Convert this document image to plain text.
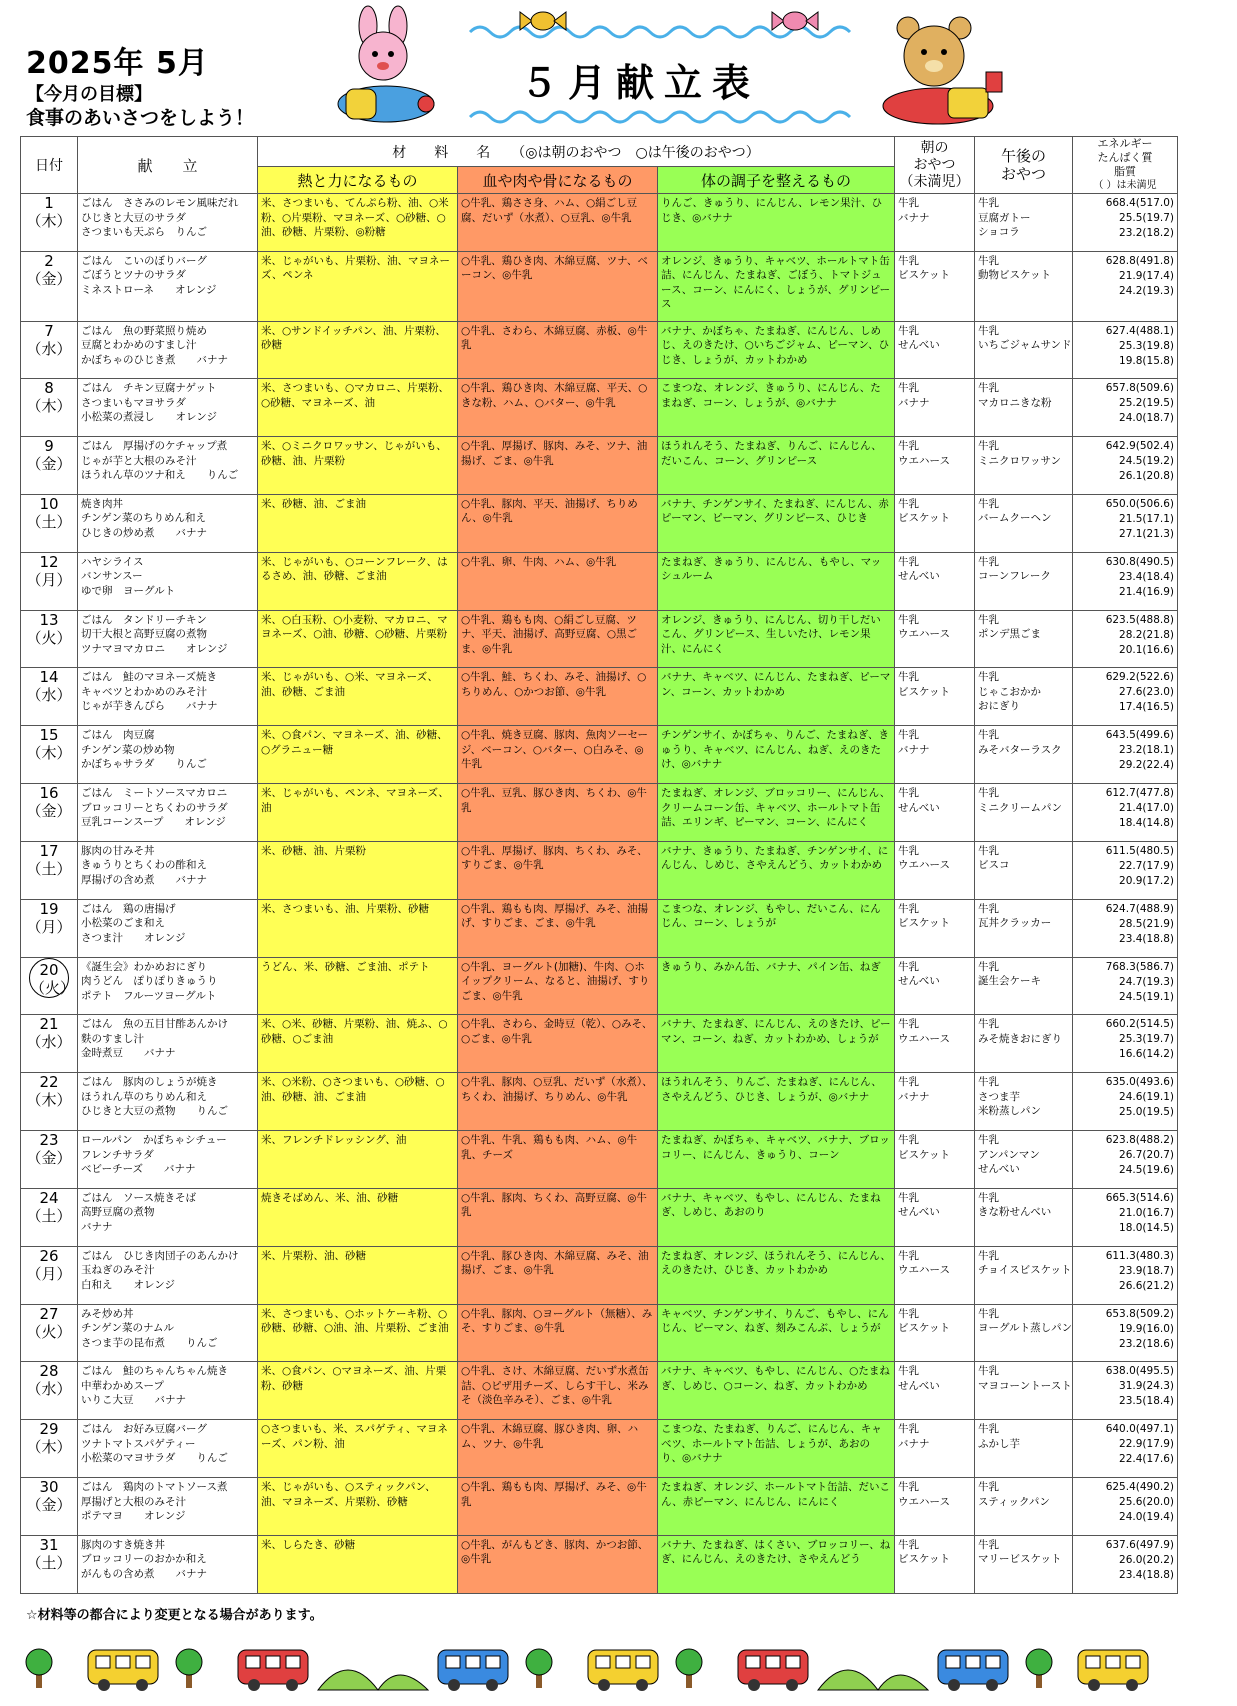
2025年 5月
【今月の目標】
食事のあいさつをしよう！
５月献立表
日付	献　　立	材　　料　　名　　（◎は朝のおやつ　○は午後のおやつ）			朝の
おやつ
（未満児）	午後の
おやつ	エネルギー
たんぱく質
脂質
（ ）は未満児

		熱と力になるもの	血や肉や骨になるもの	体の調子を整えるもの			

1
（木）	ごはん　ささみのレモン風味だれ
ひじきと大豆のサラダ
さつまいも天ぷら　りんご	米、さつまいも、てんぷら粉、油、○米粉、○片栗粉、マヨネーズ、○砂糖、○油、砂糖、片栗粉、◎粉糖	○牛乳、鶏ささ身、ハム、○絹ごし豆腐、だいず（水煮）、○豆乳、◎牛乳	りんご、きゅうり、にんじん、レモン果汁、ひじき、◎バナナ	牛乳
バナナ	牛乳
豆腐ガトー
ショコラ	668.4(517.0)
25.5(19.7)
23.2(18.2)

2
（金）	ごはん　こいのぼりバーグ
ごぼうとツナのサラダ
ミネストローネ　　オレンジ	米、じゃがいも、片栗粉、油、マヨネーズ、ペンネ	○牛乳、鶏ひき肉、木綿豆腐、ツナ、ベーコン、◎牛乳	オレンジ、きゅうり、キャベツ、ホールトマト缶詰、にんじん、たまねぎ、ごぼう、トマトジュース、コーン、にんにく、しょうが、グリンピース	牛乳
ビスケット	牛乳
動物ビスケット	628.8(491.8)
21.9(17.4)
24.2(19.3)

7
（水）	ごはん　魚の野菜照り焼め
豆腐とわかめのすまし汁
かぼちゃのひじき煮　　バナナ	米、○サンドイッチパン、油、片栗粉、砂糖	○牛乳、さわら、木綿豆腐、赤板、◎牛乳	バナナ、かぼちゃ、たまねぎ、にんじん、しめじ、えのきたけ、○いちごジャム、ピーマン、ひじき、しょうが、カットわかめ	牛乳
せんべい	牛乳
いちごジャムサンド	627.4(488.1)
25.3(19.8)
19.8(15.8)

8
（木）	ごはん　チキン豆腐ナゲット
さつまいもマヨサラダ
小松菜の煮浸し　　オレンジ	米、さつまいも、○マカロニ、片栗粉、○砂糖、マヨネーズ、油	○牛乳、鶏ひき肉、木綿豆腐、平天、○きな粉、ハム、○バター、◎牛乳	こまつな、オレンジ、きゅうり、にんじん、たまねぎ、コーン、しょうが、◎バナナ	牛乳
バナナ	牛乳
マカロニきな粉	657.8(509.6)
25.2(19.5)
24.0(18.7)

9
（金）	ごはん　厚揚げのケチャップ煮
じゃが芋と大根のみそ汁
ほうれん草のツナ和え　　りんご	米、○ミニクロワッサン、じゃがいも、砂糖、油、片栗粉	○牛乳、厚揚げ、豚肉、みそ、ツナ、油揚げ、ごま、◎牛乳	ほうれんそう、たまねぎ、りんご、にんじん、だいこん、コーン、グリンピース	牛乳
ウエハース	牛乳
ミニクロワッサン	642.9(502.4)
24.5(19.2)
26.1(20.8)

10
（土）	焼き肉丼
チンゲン菜のちりめん和え
ひじきの炒め煮　　バナナ	米、砂糖、油、ごま油	○牛乳、豚肉、平天、油揚げ、ちりめん、◎牛乳	バナナ、チンゲンサイ、たまねぎ、にんじん、赤ピーマン、ピーマン、グリンピース、ひじき	牛乳
ビスケット	牛乳
バームクーヘン	650.0(506.6)
21.5(17.1)
27.1(21.3)

12
（月）	ハヤシライス
バンサンスー
ゆで卵　ヨーグルト	米、じゃがいも、○コーンフレーク、はるさめ、油、砂糖、ごま油	○牛乳、卵、牛肉、ハム、◎牛乳	たまねぎ、きゅうり、にんじん、もやし、マッシュルーム	牛乳
せんべい	牛乳
コーンフレーク	630.8(490.5)
23.4(18.4)
21.4(16.9)

13
（火）	ごはん　タンドリーチキン
切干大根と高野豆腐の煮物
ツナマヨマカロニ　　オレンジ	米、○白玉粉、○小麦粉、マカロニ、マヨネーズ、○油、砂糖、○砂糖、片栗粉	○牛乳、鶏もも肉、○絹ごし豆腐、ツナ、平天、油揚げ、高野豆腐、○黒ごま、◎牛乳	オレンジ、きゅうり、にんじん、切り干しだいこん、グリンピース、生しいたけ、レモン果汁、にんにく	牛乳
ウエハース	牛乳
ポンデ黒ごま	623.5(488.8)
28.2(21.8)
20.1(16.6)

14
（水）	ごはん　鮭のマヨネーズ焼き
キャベツとわかめのみそ汁
じゃが芋きんぴら　　バナナ	米、じゃがいも、○米、マヨネーズ、油、砂糖、ごま油	○牛乳、鮭、ちくわ、みそ、油揚げ、○ちりめん、○かつお節、◎牛乳	バナナ、キャベツ、にんじん、たまねぎ、ピーマン、コーン、カットわかめ	牛乳
ビスケット	牛乳
じゃこおかか
おにぎり	629.2(522.6)
27.6(23.0)
17.4(16.5)

15
（木）	ごはん　肉豆腐
チンゲン菜の炒め物
かぼちゃサラダ　　りんご	米、○食パン、マヨネーズ、油、砂糖、○グラニュー糖	○牛乳、焼き豆腐、豚肉、魚肉ソーセージ、ベーコン、○バター、○白みそ、◎牛乳	チンゲンサイ、かぼちゃ、りんご、たまねぎ、きゅうり、キャベツ、にんじん、ねぎ、えのきたけ、◎バナナ	牛乳
バナナ	牛乳
みそバターラスク	643.5(499.6)
23.2(18.1)
29.2(22.4)

16
（金）	ごはん　ミートソースマカロニ
ブロッコリーとちくわのサラダ
豆乳コーンスープ　　オレンジ	米、じゃがいも、ペンネ、マヨネーズ、油	○牛乳、豆乳、豚ひき肉、ちくわ、◎牛乳	たまねぎ、オレンジ、ブロッコリー、にんじん、クリームコーン缶、キャベツ、ホールトマト缶詰、エリンギ、ピーマン、コーン、にんにく	牛乳
せんべい	牛乳
ミニクリームパン	612.7(477.8)
21.4(17.0)
18.4(14.8)

17
（土）	豚肉の甘みそ丼
きゅうりとちくわの酢和え
厚揚げの含め煮　　バナナ	米、砂糖、油、片栗粉	○牛乳、厚揚げ、豚肉、ちくわ、みそ、すりごま、◎牛乳	バナナ、きゅうり、たまねぎ、チンゲンサイ、にんじん、しめじ、さやえんどう、カットわかめ	牛乳
ウエハース	牛乳
ビスコ	611.5(480.5)
22.7(17.9)
20.9(17.2)

19
（月）	ごはん　鶏の唐揚げ
小松菜のごま和え
さつま汁　　オレンジ	米、さつまいも、油、片栗粉、砂糖	○牛乳、鶏もも肉、厚揚げ、みそ、油揚げ、すりごま、ごま、◎牛乳	こまつな、オレンジ、もやし、だいこん、にんじん、コーン、しょうが	牛乳
ビスケット	牛乳
瓦丼クラッカー	624.7(488.9)
28.5(21.9)
23.4(18.8)

20
（火）	《誕生会》わかめおにぎり
肉うどん　ぽりぽりきゅうり
ポテト　フルーツヨーグルト	うどん、米、砂糖、ごま油、ポテト	○牛乳、ヨーグルト(加糖)、牛肉、○ホイップクリーム、なると、油揚げ、すりごま、◎牛乳	きゅうり、みかん缶、バナナ、パイン缶、ねぎ	牛乳
せんべい	牛乳
誕生会ケーキ	768.3(586.7)
24.7(19.3)
24.5(19.1)

21
（水）	ごはん　魚の五目甘酢あんかけ
麩のすまし汁
金時煮豆　　バナナ	米、○米、砂糖、片栗粉、油、焼ふ、○砂糖、○ごま油	○牛乳、さわら、金時豆（乾）、○みそ、○ごま、◎牛乳	バナナ、たまねぎ、にんじん、えのきたけ、ピーマン、コーン、ねぎ、カットわかめ、しょうが	牛乳
ウエハース	牛乳
みそ焼きおにぎり	660.2(514.5)
25.3(19.7)
16.6(14.2)

22
（木）	ごはん　豚肉のしょうが焼き
ほうれん草のちりめん和え
ひじきと大豆の煮物　　りんご	米、○米粉、○さつまいも、○砂糖、○油、砂糖、油、ごま油	○牛乳、豚肉、○豆乳、だいず（水煮）、ちくわ、油揚げ、ちりめん、◎牛乳	ほうれんそう、りんご、たまねぎ、にんじん、さやえんどう、ひじき、しょうが、◎バナナ	牛乳
バナナ	牛乳
さつま芋
米粉蒸しパン	635.0(493.6)
24.6(19.1)
25.0(19.5)

23
（金）	ロールパン　かぼちゃシチュー
フレンチサラダ
ベビーチーズ　　バナナ	米、フレンチドレッシング、油	○牛乳、牛乳、鶏もも肉、ハム、◎牛乳、チーズ	たまねぎ、かぼちゃ、キャベツ、バナナ、ブロッコリー、にんじん、きゅうり、コーン	牛乳
ビスケット	牛乳
アンパンマン
せんべい	623.8(488.2)
26.7(20.7)
24.5(19.6)

24
（土）	ごはん　ソース焼きそば
高野豆腐の煮物
バナナ	焼きそばめん、米、油、砂糖	○牛乳、豚肉、ちくわ、高野豆腐、◎牛乳	バナナ、キャベツ、もやし、にんじん、たまねぎ、しめじ、あおのり	牛乳
せんべい	牛乳
きな粉せんべい	665.3(514.6)
21.0(16.7)
18.0(14.5)

26
（月）	ごはん　ひじき肉団子のあんかけ
玉ねぎのみそ汁
白和え　　オレンジ	米、片栗粉、油、砂糖	○牛乳、豚ひき肉、木綿豆腐、みそ、油揚げ、ごま、◎牛乳	たまねぎ、オレンジ、ほうれんそう、にんじん、えのきたけ、ひじき、カットわかめ	牛乳
ウエハース	牛乳
チョイスビスケット	611.3(480.3)
23.9(18.7)
26.6(21.2)

27
（火）	みそ炒め丼
チンゲン菜のナムル
さつま芋の昆布煮　　りんご	米、さつまいも、○ホットケーキ粉、○砂糖、砂糖、○油、油、片栗粉、ごま油	○牛乳、豚肉、○ヨーグルト（無糖）、みそ、すりごま、◎牛乳	キャベツ、チンゲンサイ、りんご、もやし、にんじん、ピーマン、ねぎ、刻みこんぶ、しょうが	牛乳
ビスケット	牛乳
ヨーグルト蒸しパン	653.8(509.2)
19.9(16.0)
23.2(18.6)

28
（水）	ごはん　鮭のちゃんちゃん焼き
中華わかめスープ
いりこ大豆　　バナナ	米、○食パン、○マヨネーズ、油、片栗粉、砂糖	○牛乳、さけ、木綿豆腐、だいず水煮缶詰、○ピザ用チーズ、しらす干し、米みそ（淡色辛みそ）、ごま、◎牛乳	バナナ、キャベツ、もやし、にんじん、○たまねぎ、しめじ、○コーン、ねぎ、カットわかめ	牛乳
せんべい	牛乳
マヨコーントースト	638.0(495.5)
31.9(24.3)
23.5(18.4)

29
（木）	ごはん　お好み豆腐バーグ
ツナトマトスパゲティー
小松菜のマヨサラダ　　りんご	○さつまいも、米、スパゲティ、マヨネーズ、パン粉、油	○牛乳、木綿豆腐、豚ひき肉、卵、ハム、ツナ、◎牛乳	こまつな、たまねぎ、りんご、にんじん、キャベツ、ホールトマト缶詰、しょうが、あおのり、◎バナナ	牛乳
バナナ	牛乳
ふかし芋	640.0(497.1)
22.9(17.9)
22.4(17.6)

30
（金）	ごはん　鶏肉のトマトソース煮
厚揚げと大根のみそ汁
ポテマヨ　　オレンジ	米、じゃがいも、○スティックパン、油、マヨネーズ、片栗粉、砂糖	○牛乳、鶏もも肉、厚揚げ、みそ、◎牛乳	たまねぎ、オレンジ、ホールトマト缶詰、だいこん、赤ピーマン、にんじん、にんにく	牛乳
ウエハース	牛乳
スティックパン	625.4(490.2)
25.6(20.0)
24.0(19.4)

31
（土）	豚肉のすき焼き丼
ブロッコリーのおかか和え
がんもの含め煮　　バナナ	米、しらたき、砂糖	○牛乳、がんもどき、豚肉、かつお節、◎牛乳	バナナ、たまねぎ、はくさい、ブロッコリー、ねぎ、にんじん、えのきたけ、さやえんどう	牛乳
ビスケット	牛乳
マリービスケット	637.6(497.9)
26.0(20.2)
23.4(18.8)
☆材料等の都合により変更となる場合があります。
